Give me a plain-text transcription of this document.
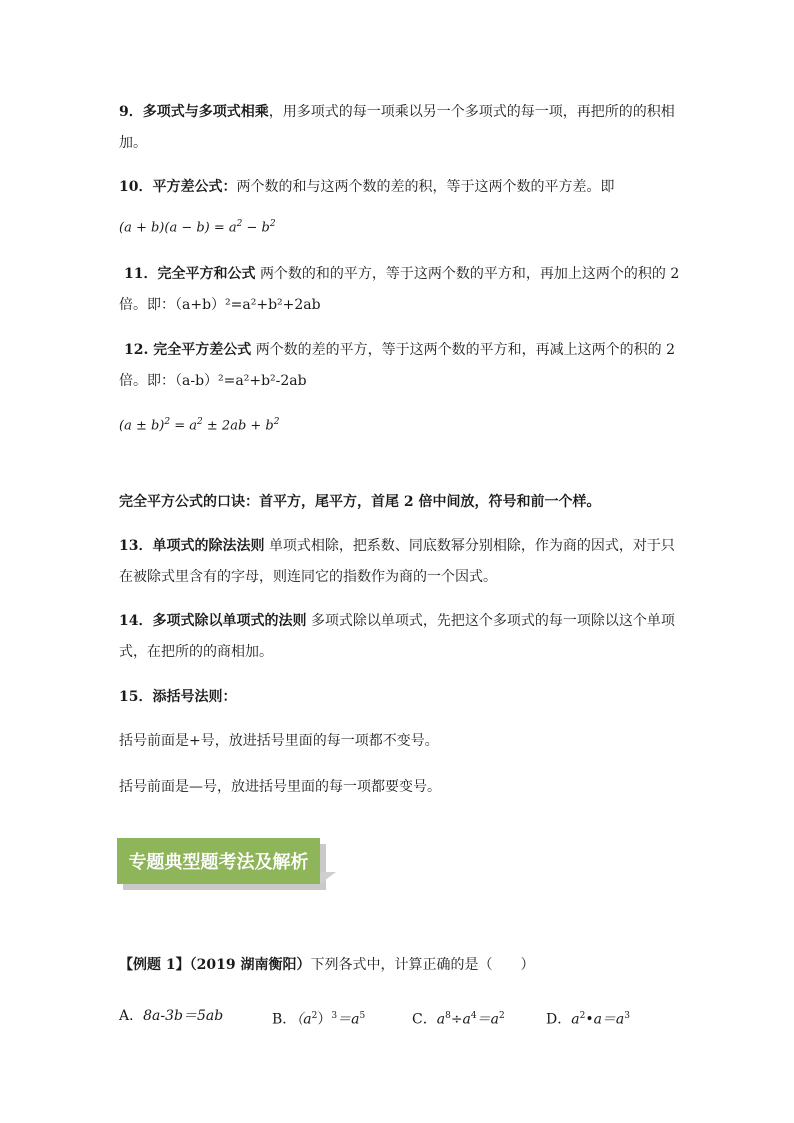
9．多项式与多项式相乘，用多项式的每一项乘以另一个多项式的每一项，再把所的的积相
加。
10．平方差公式：两个数的和与这两个数的差的积，等于这两个数的平方差。即
$(a + b)(a - b) = a^2 - b^2$
11．完全平方和公式 两个数的和的平方，等于这两个数的平方和，再加上这两个的积的 2
倍。即：（a+b）²=a²+b²+2ab
12. 完全平方差公式 两个数的差的平方，等于这两个数的平方和，再减上这两个的积的 2
倍。即：（a-b）²=a²+b²-2ab
$(a \pm b)^2 = a^2 \pm 2ab + b^2$
完全平方公式的口诀：首平方，尾平方，首尾 2 倍中间放，符号和前一个样。
13．单项式的除法法则 单项式相除，把系数、同底数幂分别相除，作为商的因式，对于只
在被除式里含有的字母，则连同它的指数作为商的一个因式。
14．多项式除以单项式的法则 多项式除以单项式，先把这个多项式的每一项除以这个单项
式，在把所的的商相加。
15．添括号法则：
括号前面是+号，放进括号里面的每一项都不变号。
括号前面是—号，放进括号里面的每一项都要变号。
专题典型题考法及解析
【例题 1】（2019 湖南衡阳）下列各式中，计算正确的是（　　）
A．8a-3b＝5ab	B．$(a^2)^3=a^5$	C．$a^8\div a^4=a^2$	D．$a^2•a=a^3$
